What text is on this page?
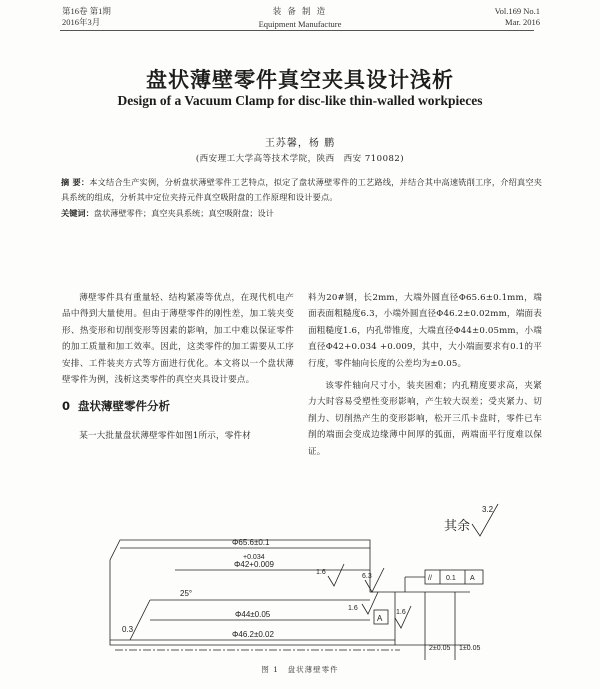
第16卷 第1期
2016年3月
装 备 制 造
Equipment Manufacture
Vol.169 No.1
Mar. 2016
盘状薄壁零件真空夹具设计浅析
Design of a Vacuum Clamp for disc-like thin-walled workpieces
王苏馨，杨 鹏
(西安理工大学高等技术学院，陕西　西安 710082)
摘 要：本文结合生产实例，分析盘状薄壁零件工艺特点，拟定了盘状薄壁零件的工艺路线，并结合其中高速铣削工序，介绍真空夹具系统的组成，分析其中定位夹持元件真空吸附盘的工作原理和设计要点。
关键词：盘状薄壁零件；真空夹具系统；真空吸附盘；设计

薄壁零件具有重量轻、结构紧凑等优点，在现代机电产品中得到大量使用。但由于薄壁零件的刚性差，加工装夹变形、热变形和切削变形等因素的影响，加工中难以保证零件的加工质量和加工效率。因此，这类零件的加工需要从工序安排、工件装夹方式等方面进行优化。本文将以一个盘状薄壁零件为例，浅析这类零件的真空夹具设计要点。

0 盘状薄壁零件分析

某一大批量盘状薄壁零件如图1所示，零件材

料为20#钢，长2mm，大端外圆直径Φ65.6±0.1mm，端面表面粗糙度6.3，小端外圆直径Φ46.2±0.02mm，端面表面粗糙度1.6，内孔带锥度，大端直径Φ44±0.05mm，小端直径Φ42+0.034 +0.009，其中，大小端面要求有0.1的平行度，零件轴向长度的公差均为±0.05。

该零件轴向尺寸小，装夹困难；内孔精度要求高，夹紧力大时容易受塑性变形影响，产生较大误差；受夹紧力、切削力、切削热产生的变形影响，松开三爪卡盘时，零件已车削的端面会变成边缘薄中间厚的弧面，两端面平行度难以保证。

其余
3.2
Φ65.6±0.1
+0.034
Φ42+0.009
Φ44±0.05
Φ46.2±0.02
25°
0.3
6.3
1.6
1.6
1.6
// 0.1 A
A
2±0.05 1±0.05
图 1　盘状薄壁零件
